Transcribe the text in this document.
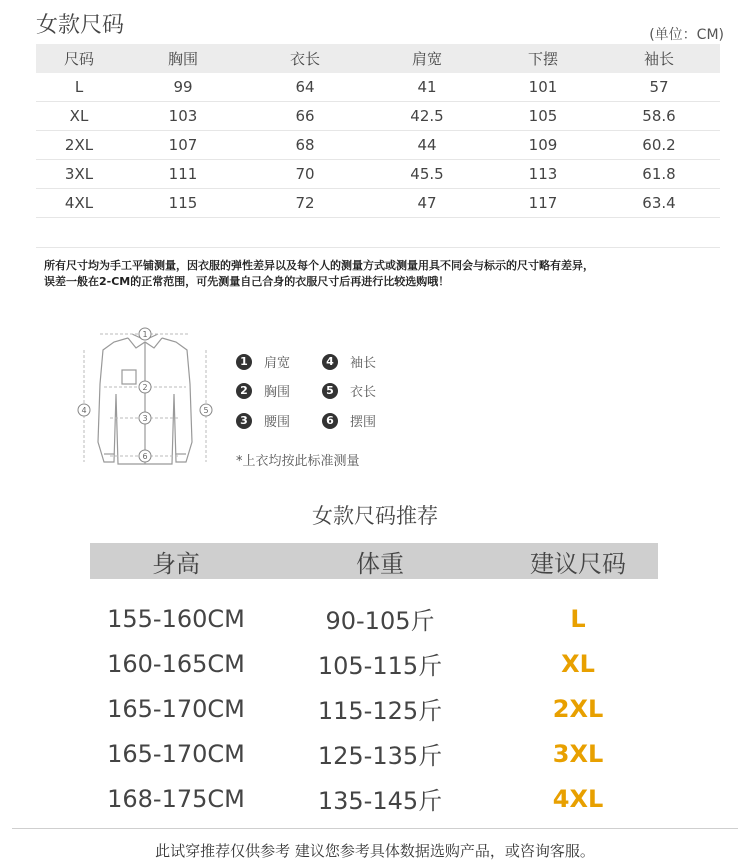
女款尺码	(单位：CM)
尺码	胸围	衣长	肩宽	下摆	袖长
L	99	64	41	101	57
XL	103	66	42.5	105	58.6
2XL	107	68	44	109	60.2
3XL	111	70	45.5	113	61.8
4XL	115	72	47	117	63.4
所有尺寸均为手工平铺测量，因衣服的弹性差异以及每个人的测量方式或测量用具不同会与标示的尺寸略有差异，
误差一般在2-CM的正常范围，可先测量自己合身的衣服尺寸后再进行比较选购哦！
1
2
3
4	5
6
1	肩宽	4	袖长
2	胸围	5	衣长
3	腰围	6	摆围
*上衣均按此标准测量
女款尺码推荐
身高	体重	建议尺码
155-160CM	90-105斤	L
160-165CM	105-115斤	XL
165-170CM	115-125斤	2XL
165-170CM	125-135斤	3XL
168-175CM	135-145斤	4XL
此试穿推荐仅供参考 建议您参考具体数据选购产品，或咨询客服。
